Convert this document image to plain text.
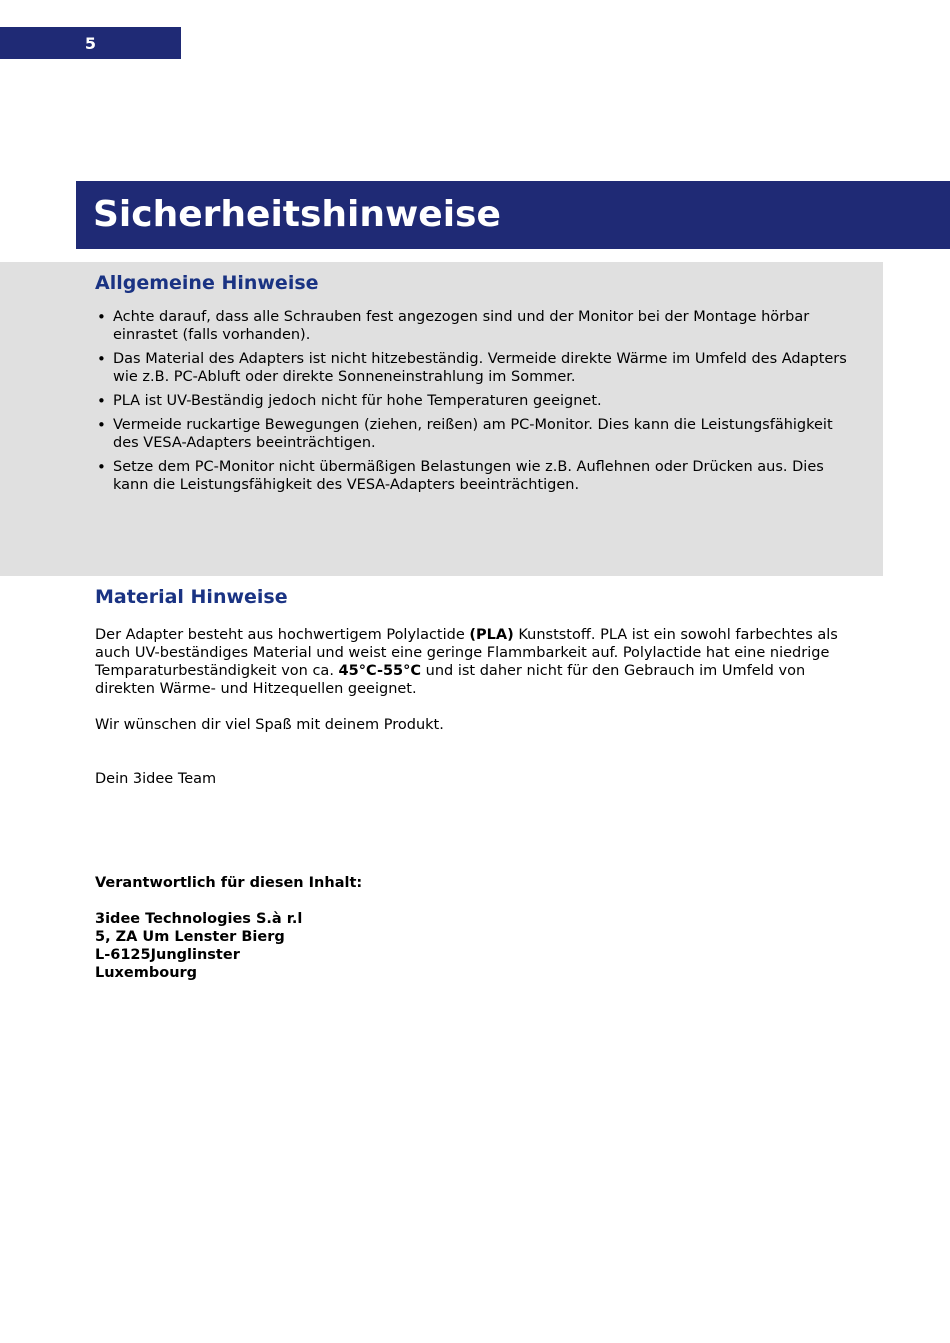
5
Sicherheitshinweise
Allgemeine Hinweise
• Achte darauf, dass alle Schrauben fest angezogen sind und der Monitor bei der Montage hörbar einrastet (falls vorhanden).
• Das Material des Adapters ist nicht hitzebeständig. Vermeide direkte Wärme im Umfeld des Adapters wie z.B. PC-Abluft oder direkte Sonneneinstrahlung im Sommer.
• PLA ist UV-Beständig jedoch nicht für hohe Temperaturen geeignet.
• Vermeide ruckartige Bewegungen (ziehen, reißen) am PC-Monitor. Dies kann die Leistungsfähigkeit des VESA-Adapters beeinträchtigen.
• Setze dem PC-Monitor nicht übermäßigen Belastungen wie z.B. Auflehnen oder Drücken aus. Dies kann die Leistungsfähigkeit des VESA-Adapters beeinträchtigen.
Material Hinweise

Der Adapter besteht aus hochwertigem Polylactide (PLA) Kunststoff. PLA ist ein sowohl farbechtes als auch UV-beständiges Material und weist eine geringe Flammbarkeit auf. Polylactide hat eine niedrige Temparaturbeständigkeit von ca. 45°C-55°C und ist daher nicht für den Gebrauch im Umfeld von direkten Wärme- und Hitzequellen geeignet.

Wir wünschen dir viel Spaß mit deinem Produkt.

Dein 3idee Team

Verantwortlich für diesen Inhalt:
3idee Technologies S.à r.l
5, ZA Um Lenster Bierg
L-6125Junglinster
Luxembourg
